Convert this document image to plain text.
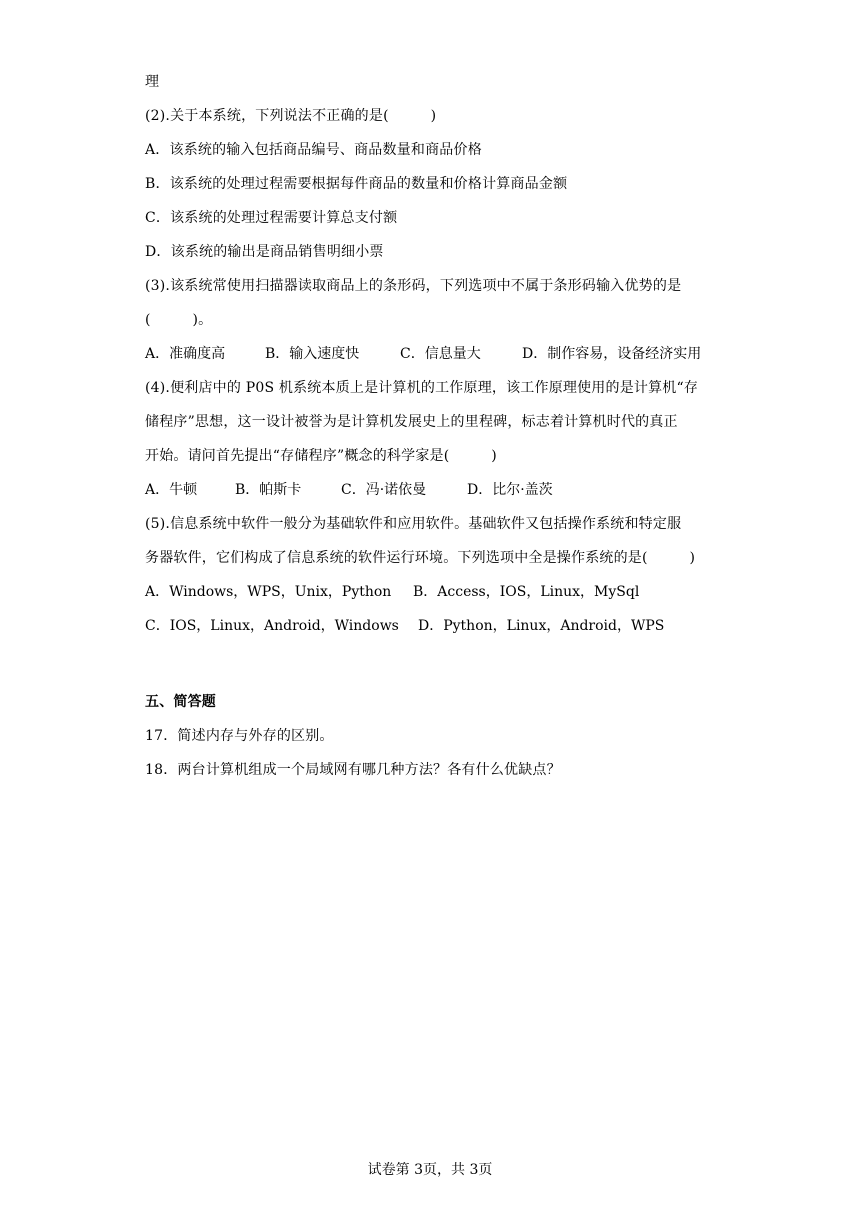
理
(2).关于本系统，下列说法不正确的是(         )
A．该系统的输入包括商品编号、商品数量和商品价格
B．该系统的处理过程需要根据每件商品的数量和价格计算商品金额
C．该系统的处理过程需要计算总支付额
D．该系统的输出是商品销售明细小票
(3).该系统常使用扫描器读取商品上的条形码，下列选项中不属于条形码输入优势的是
(         )。

A．准确度高

	B．输入速度快

	C．信息量大

	D．制作容易，设备经济实用

(4).便利店中的 P0S 机系统本质上是计算机的工作原理，该工作原理使用的是计算机“存
储程序”思想，这一设计被誉为是计算机发展史上的里程碑，标志着计算机时代的真正
开始。请问首先提出“存储程序”概念的科学家是(         )

A．牛顿

	B．帕斯卡

	C．冯·诺依曼

	D．比尔·盖茨

(5).信息系统中软件一般分为基础软件和应用软件。基础软件又包括操作系统和特定服
务器软件，它们构成了信息系统的软件运行环境。下列选项中全是操作系统的是(         )

A．Windows，WPS，Unix，Python

B．Access，IOS，Linux，MySql

C．IOS，Linux，Android，Windows

D．Python，Linux，Android，WPS

五、简答题
17．简述内存与外存的区别。
18．两台计算机组成一个局域网有哪几种方法？各有什么优缺点？
试卷第 3页，共 3页
